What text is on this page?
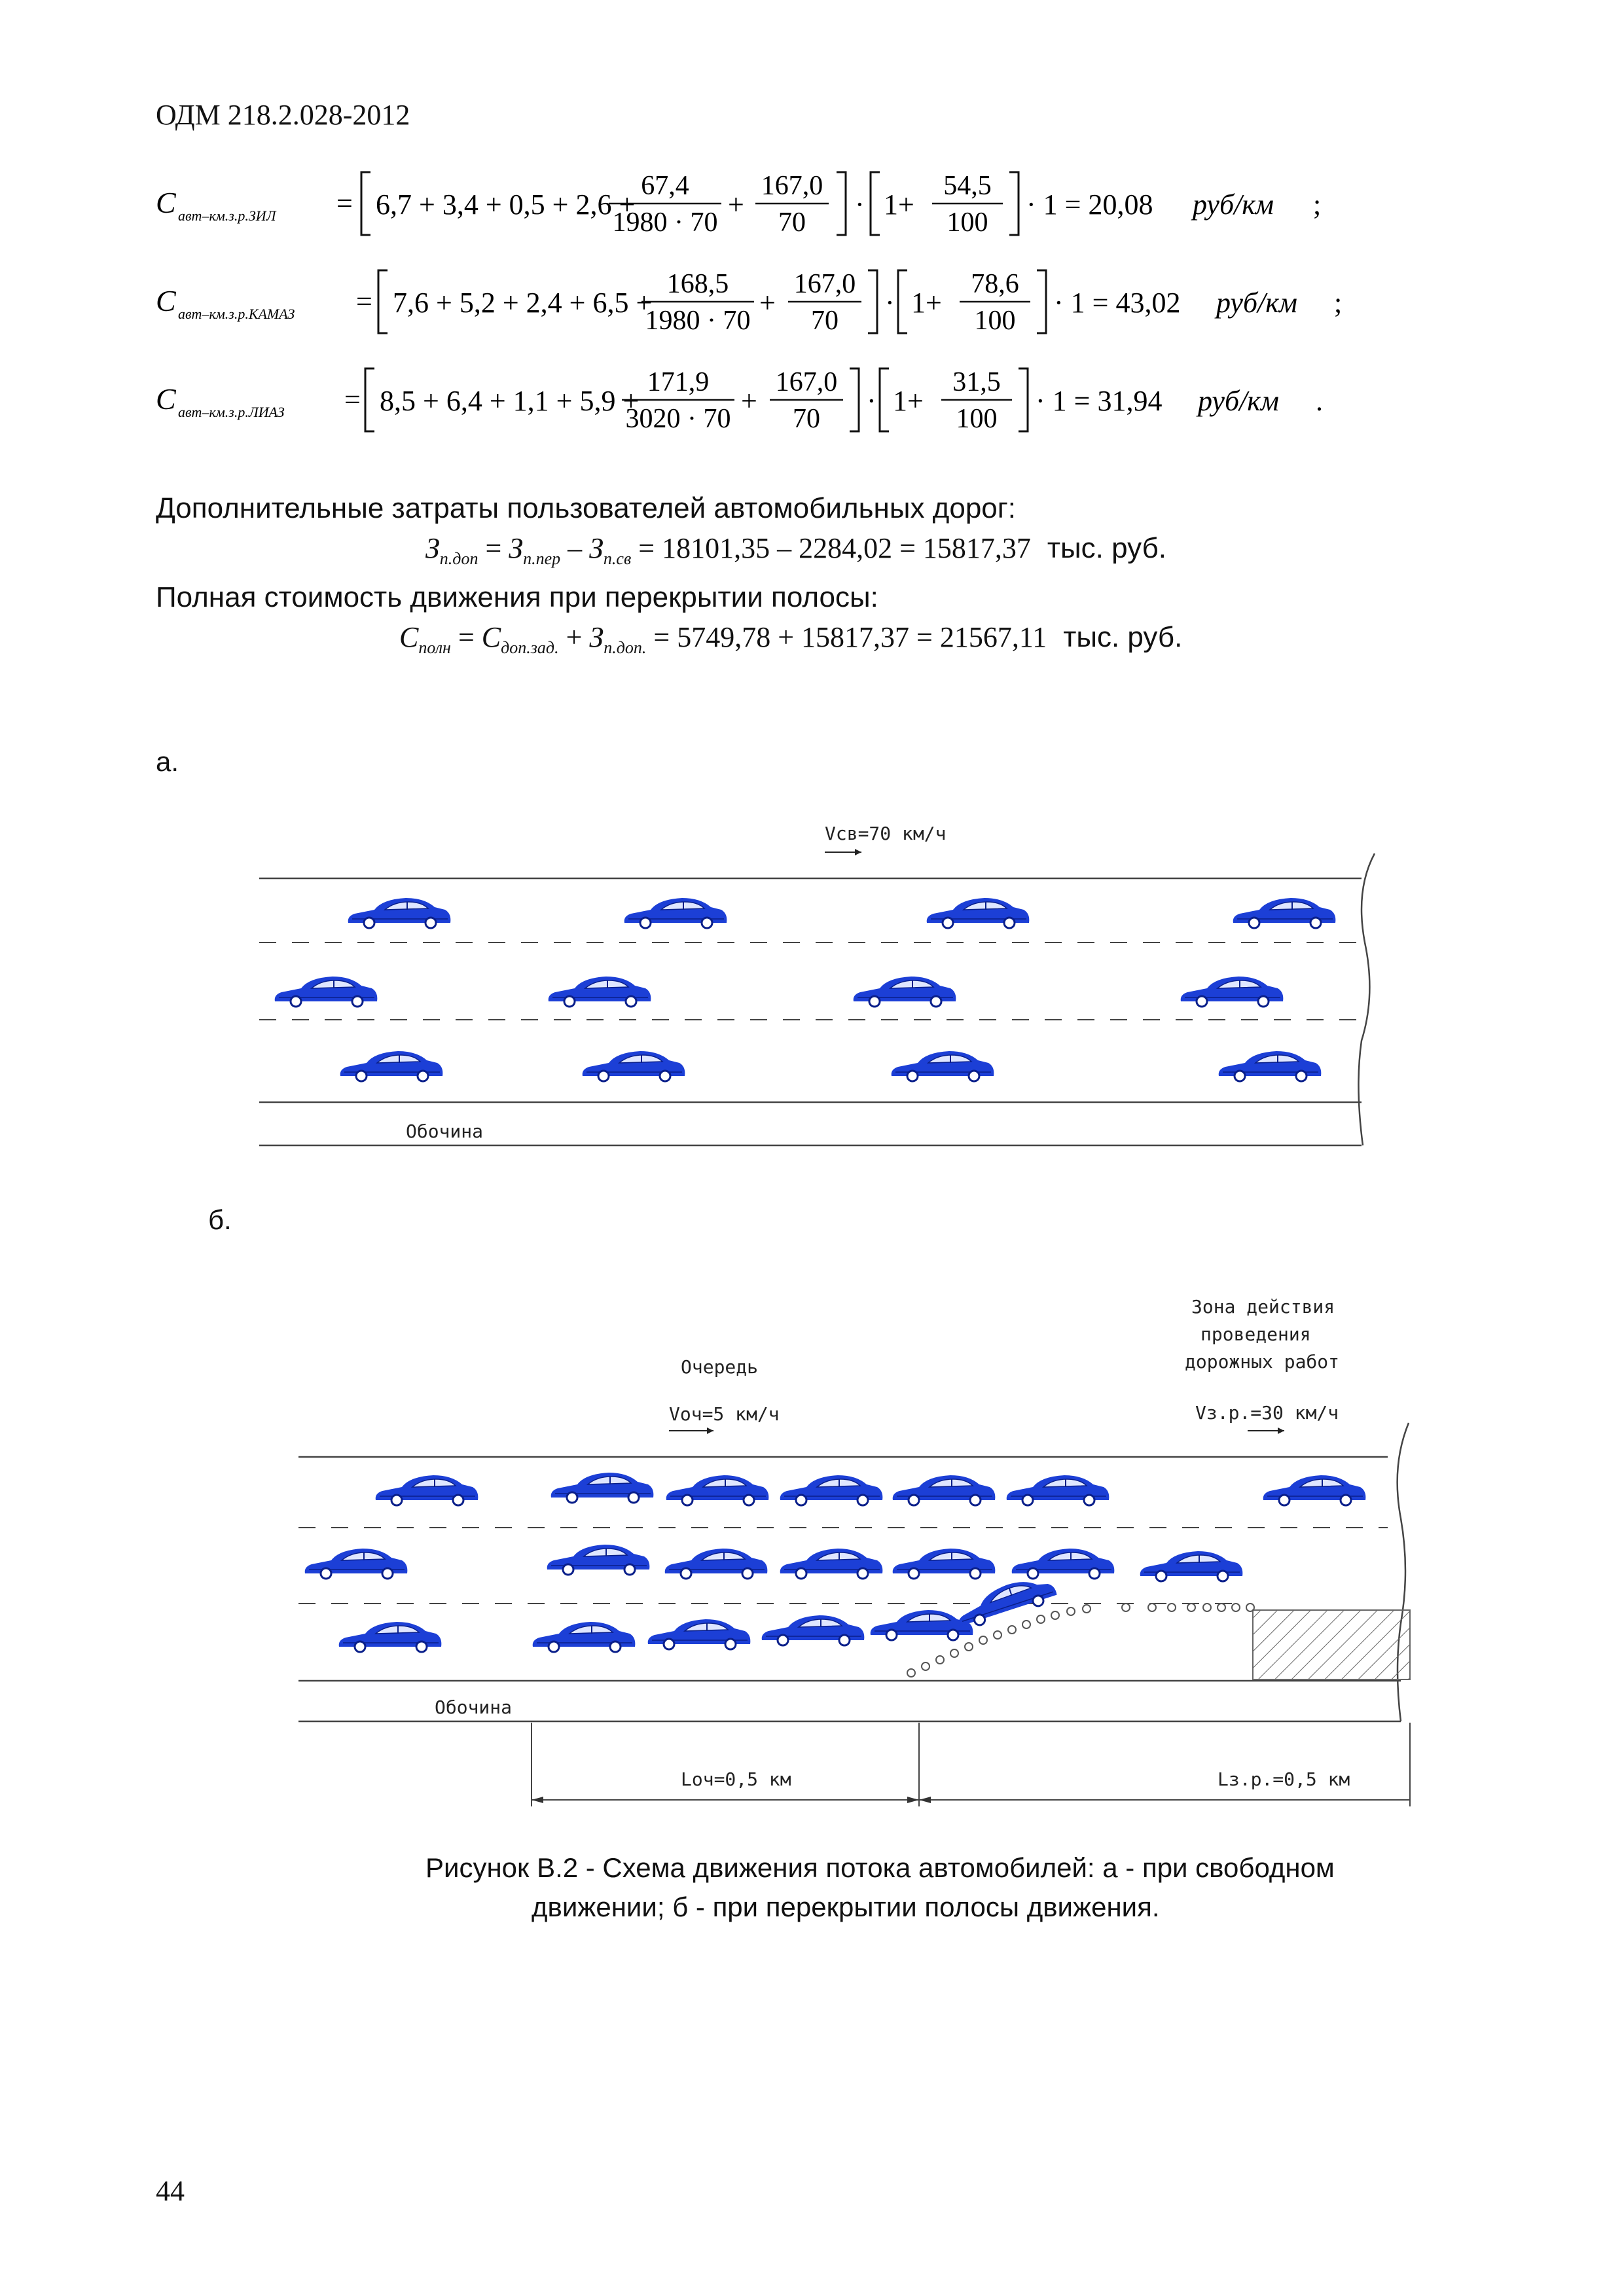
ОДМ 218.2.028-2012
C авт–км.з.р.ЗИЛ = 6,7 + 3,4 + 0,5 + 2,6 +
67,4
1980 · 70
+
167,0
70
· 1+
54,5
100
· 1 = 20,08 руб/км ;
C авт–км.з.р.КАМАЗ = 7,6 + 5,2 + 2,4 + 6,5 +
168,5
1980 · 70
+
167,0
70
· 1+
78,6
100
· 1 = 43,02 руб/км ;
C авт–км.з.р.ЛИАЗ = 8,5 + 6,4 + 1,1 + 5,9 +
171,9
3020 · 70
+
167,0
70
· 1+
31,5
100
· 1 = 31,94 руб/км .
Дополнительные затраты пользователей автомобильных дорог:
$З_{п.доп} = З_{п.пер} - З_{п.св} = 18101,35 - 2284,02 = 15817,37$ тыс. руб.
Полная стоимость движения при перекрытии полосы:
$С_{полн} = С_{доп.зад.} + З_{п.доп.} = 5749,78 + 15817,37 = 21567,11$ тыс. руб.
а.
б.
Vсв=70 км/ч
Обочина
Очередь
Vоч=5 км/ч
Зона действия
проведения
дорожных работ
Vз.р.=30 км/ч
Обочина
Lоч=0,5 км	Lз.р.=0,5 км
Рисунок В.2 - Схема движения потока автомобилей: а - при свободном
движении; б - при перекрытии полосы движения.
44
